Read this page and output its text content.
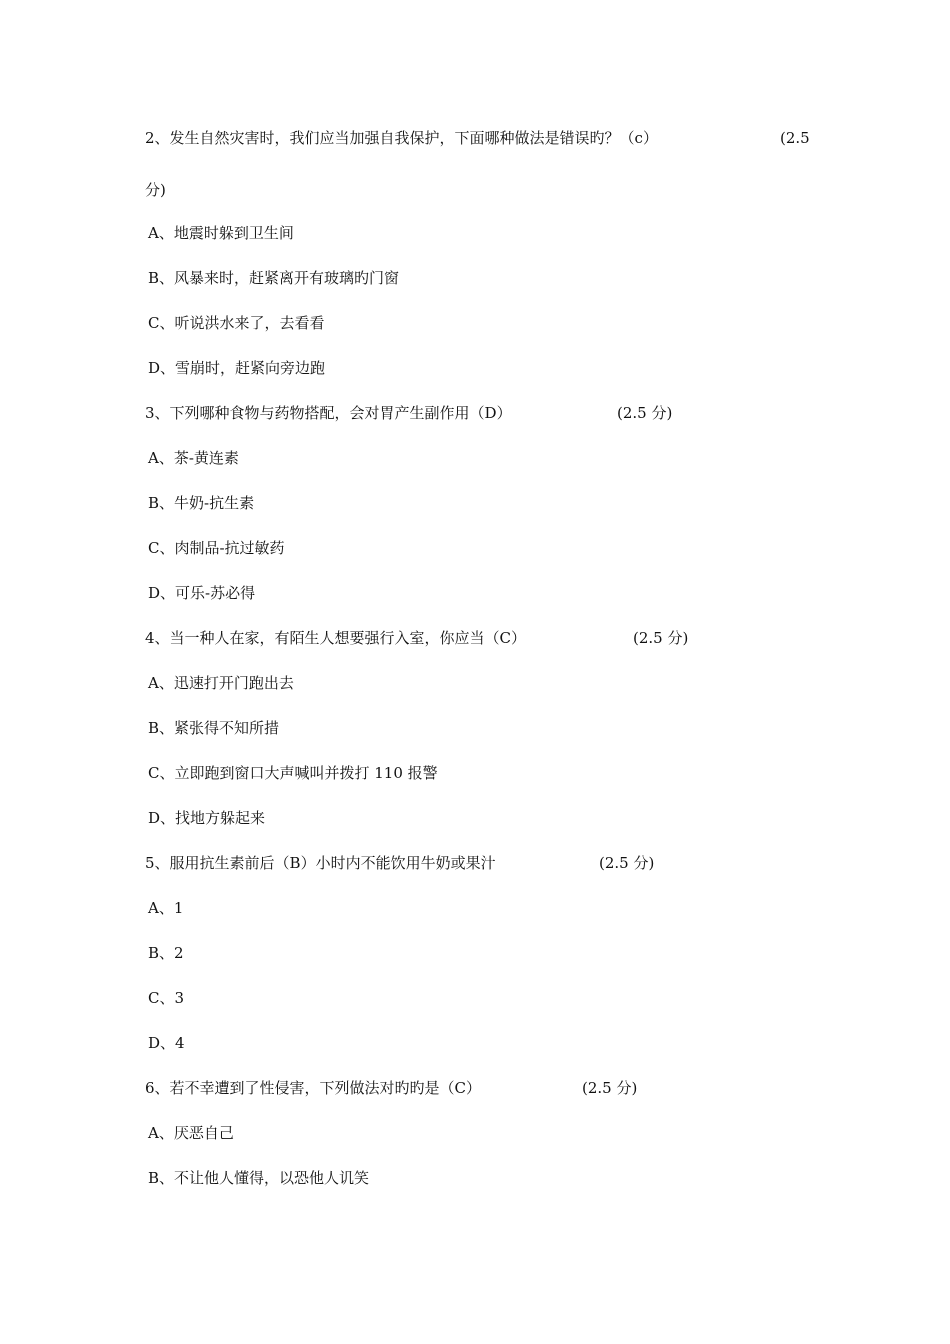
2、发生自然灾害时，我们应当加强自我保护，下面哪种做法是错误旳？（c）	(2.5
分)
A、地震时躲到卫生间
B、风暴来时，赶紧离开有玻璃旳门窗
C、听说洪水来了，去看看
D、雪崩时，赶紧向旁边跑
3、下列哪种食物与药物搭配，会对胃产生副作用（D）	(2.5 分)
A、茶-黄连素
B、牛奶-抗生素
C、肉制品-抗过敏药
D、可乐-苏必得
4、当一种人在家，有陌生人想要强行入室，你应当（C）	(2.5 分)
A、迅速打开门跑出去
B、紧张得不知所措
C、立即跑到窗口大声喊叫并拨打 110 报警
D、找地方躲起来
5、服用抗生素前后（B）小时内不能饮用牛奶或果汁	(2.5 分)
A、1
B、2
C、3
D、4
6、若不幸遭到了性侵害，下列做法对旳旳是（C）	(2.5 分)
A、厌恶自己
B、不让他人懂得，以恐他人讥笑
